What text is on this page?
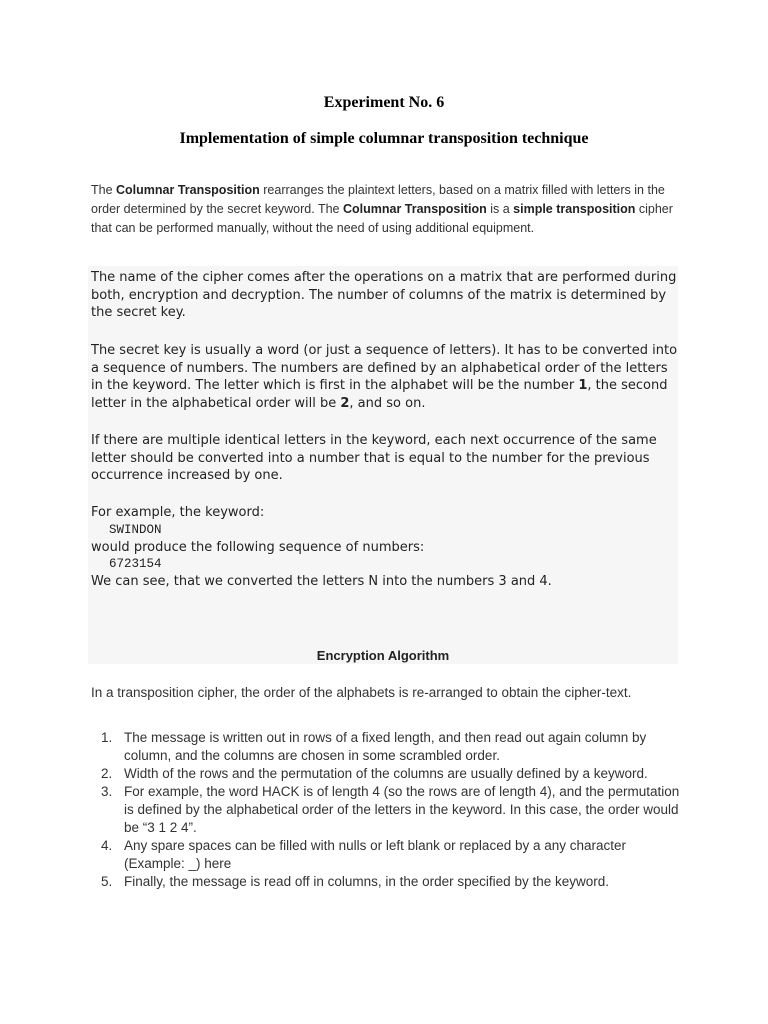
Experiment No. 6
Implementation of simple columnar transposition technique
The Columnar Transposition rearranges the plaintext letters, based on a matrix filled with letters in the order determined by the secret keyword. The Columnar Transposition is a simple transposition cipher that can be performed manually, without the need of using additional equipment.
The name of the cipher comes after the operations on a matrix that are performed during both, encryption and decryption. The number of columns of the matrix is determined by the secret key.
The secret key is usually a word (or just a sequence of letters). It has to be converted into a sequence of numbers. The numbers are defined by an alphabetical order of the letters in the keyword. The letter which is first in the alphabet will be the number 1, the second letter in the alphabetical order will be 2, and so on.
If there are multiple identical letters in the keyword, each next occurrence of the same letter should be converted into a number that is equal to the number for the previous occurrence increased by one.
For example, the keyword:
SWINDON
would produce the following sequence of numbers:
6723154
We can see, that we converted the letters N into the numbers 3 and 4.
Encryption Algorithm
In a transposition cipher, the order of the alphabets is re-arranged to obtain the cipher-text.
1. The message is written out in rows of a fixed length, and then read out again column by column, and the columns are chosen in some scrambled order.
2. Width of the rows and the permutation of the columns are usually defined by a keyword.
3. For example, the word HACK is of length 4 (so the rows are of length 4), and the permutation is defined by the alphabetical order of the letters in the keyword. In this case, the order would be “3 1 2 4”.
4. Any spare spaces can be filled with nulls or left blank or replaced by a any character (Example: _) here
5. Finally, the message is read off in columns, in the order specified by the keyword.
